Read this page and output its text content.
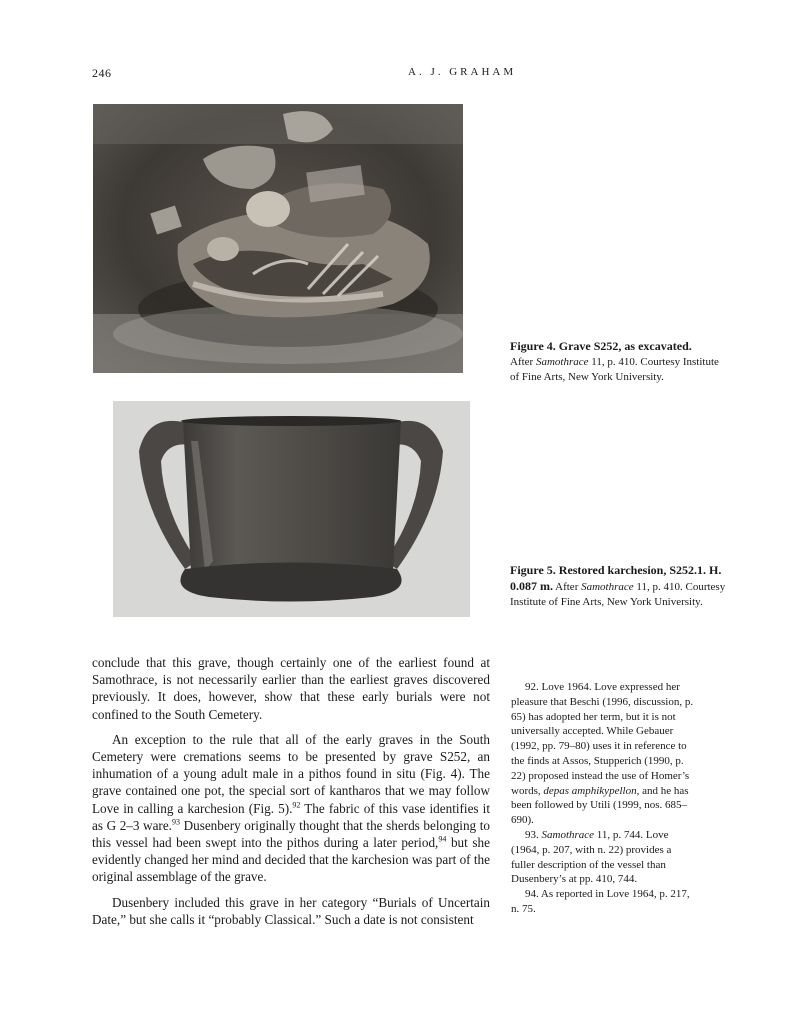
246	A. J. GRAHAM
Figure 4. Grave S252, as excavated.
After Samothrace 11, p. 410. Courtesy Institute of Fine Arts, New York University.
Figure 5. Restored karchesion, S252.1. H. 0.087 m. After Samothrace 11, p. 410. Courtesy Institute of Fine Arts, New York University.

conclude that this grave, though certainly one of the earliest found at Samothrace, is not necessarily earlier than the earliest graves discovered previously. It does, however, show that these early burials were not confined to the South Cemetery.

An exception to the rule that all of the early graves in the South Cemetery were cremations seems to be presented by grave S252, an inhumation of a young adult male in a pithos found in situ (Fig. 4). The grave contained one pot, the special sort of kantharos that we may follow Love in calling a karchesion (Fig. 5).$^{92}$ The fabric of this vase identifies it as G 2–3 ware.$^{93}$ Dusenbery originally thought that the sherds belonging to this vessel had been swept into the pithos during a later period,$^{94}$ but she evidently changed her mind and decided that the karchesion was part of the original assemblage of the grave.

Dusenbery included this grave in her category “Burials of Uncertain Date,” but she calls it “probably Classical.” Such a date is not consistent

92. Love 1964. Love expressed her pleasure that Beschi (1996, discussion, p. 65) has adopted her term, but it is not universally accepted. While Gebauer (1992, pp. 79–80) uses it in reference to the finds at Assos, Stupperich (1990, p. 22) proposed instead the use of Homer’s words, depas amphikypellon, and he has been followed by Utili (1999, nos. 685–690).

93. Samothrace 11, p. 744. Love (1964, p. 207, with n. 22) provides a fuller description of the vessel than Dusenbery’s at pp. 410, 744.

94. As reported in Love 1964, p. 217, n. 75.
